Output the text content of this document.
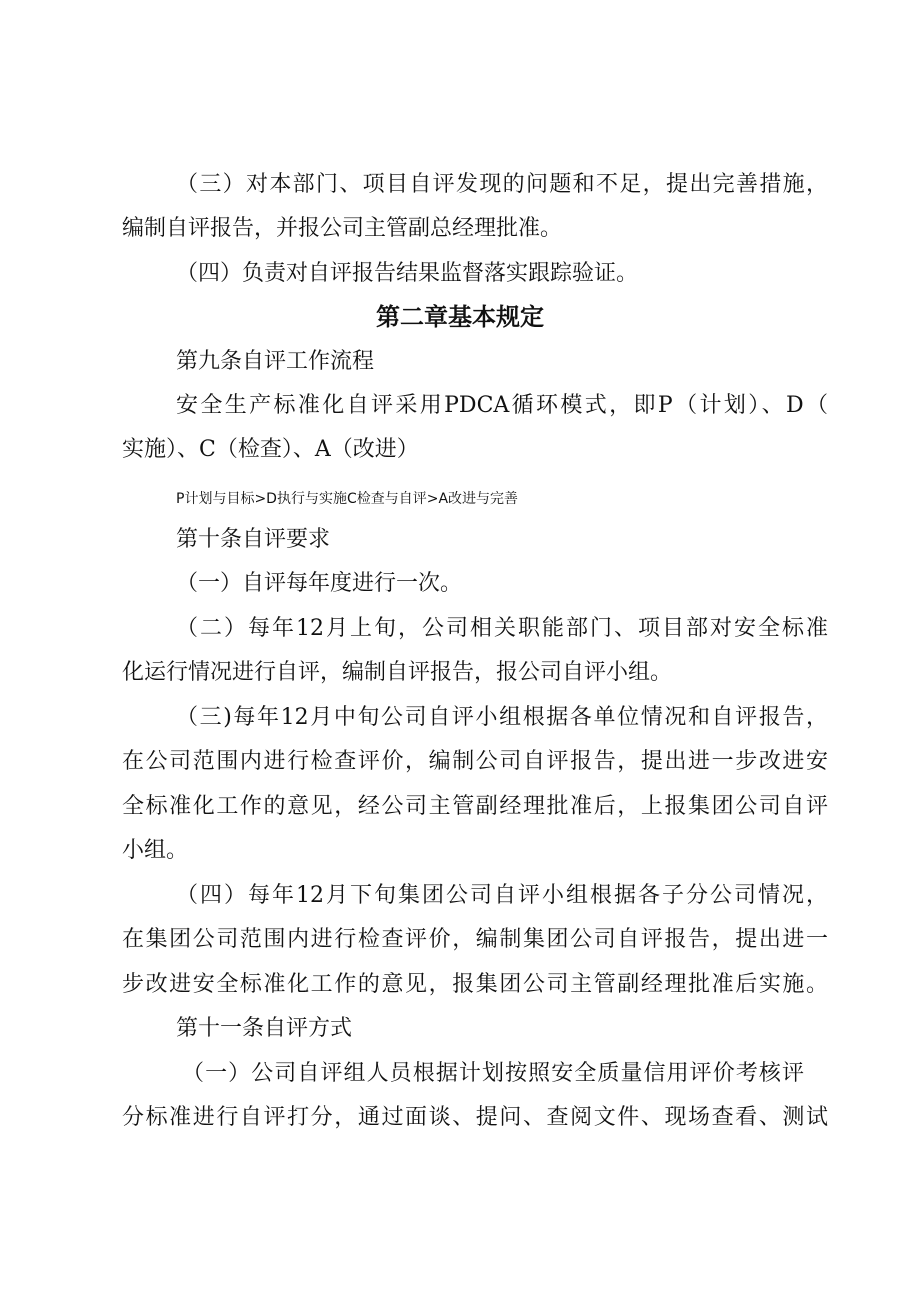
（三）对本部门、项目自评发现的问题和不足，提出完善措施，
编制自评报告，并报公司主管副总经理批准。
（四）负责对自评报告结果监督落实跟踪验证。
第二章基本规定
第九条自评工作流程
安全生产标准化自评采用PDCA循环模式，即P（计划）、D（
实施）、C（检查）、A（改进）
P计划与目标>D执行与实施C检查与自评>A改进与完善
第十条自评要求
（一）自评每年度进行一次。
（二）每年12月上旬，公司相关职能部门、项目部对安全标准
化运行情况进行自评，编制自评报告，报公司自评小组。
（三)每年12月中旬公司自评小组根据各单位情况和自评报告，
在公司范围内进行检查评价，编制公司自评报告，提出进一步改进安
全标准化工作的意见，经公司主管副经理批准后，上报集团公司自评
小组。
（四）每年12月下旬集团公司自评小组根据各子分公司情况，
在集团公司范围内进行检查评价，编制集团公司自评报告，提出进一
步改进安全标准化工作的意见，报集团公司主管副经理批准后实施。
第十一条自评方式
（一）公司自评组人员根据计划按照安全质量信用评价考核评
分标准进行自评打分，通过面谈、提问、查阅文件、现场查看、测试
